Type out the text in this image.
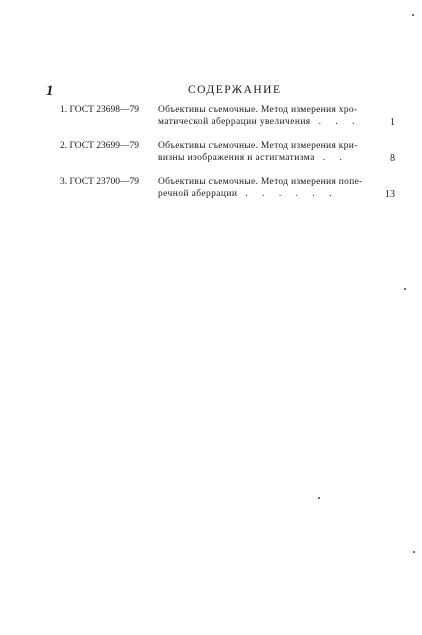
1	СОДЕРЖАНИЕ
1. ГОСТ 23698—79 Объективы съемочные. Метод измерения хро-
матической аберрации увеличения . . .	1
2. ГОСТ 23699—79 Объективы съемочные. Метод измерения кри-
визны изображения и астигматизма . .	8
3. ГОСТ 23700—79 Объективы съемочные. Метод измерения попе-
речной аберрации . . . . . .	13
